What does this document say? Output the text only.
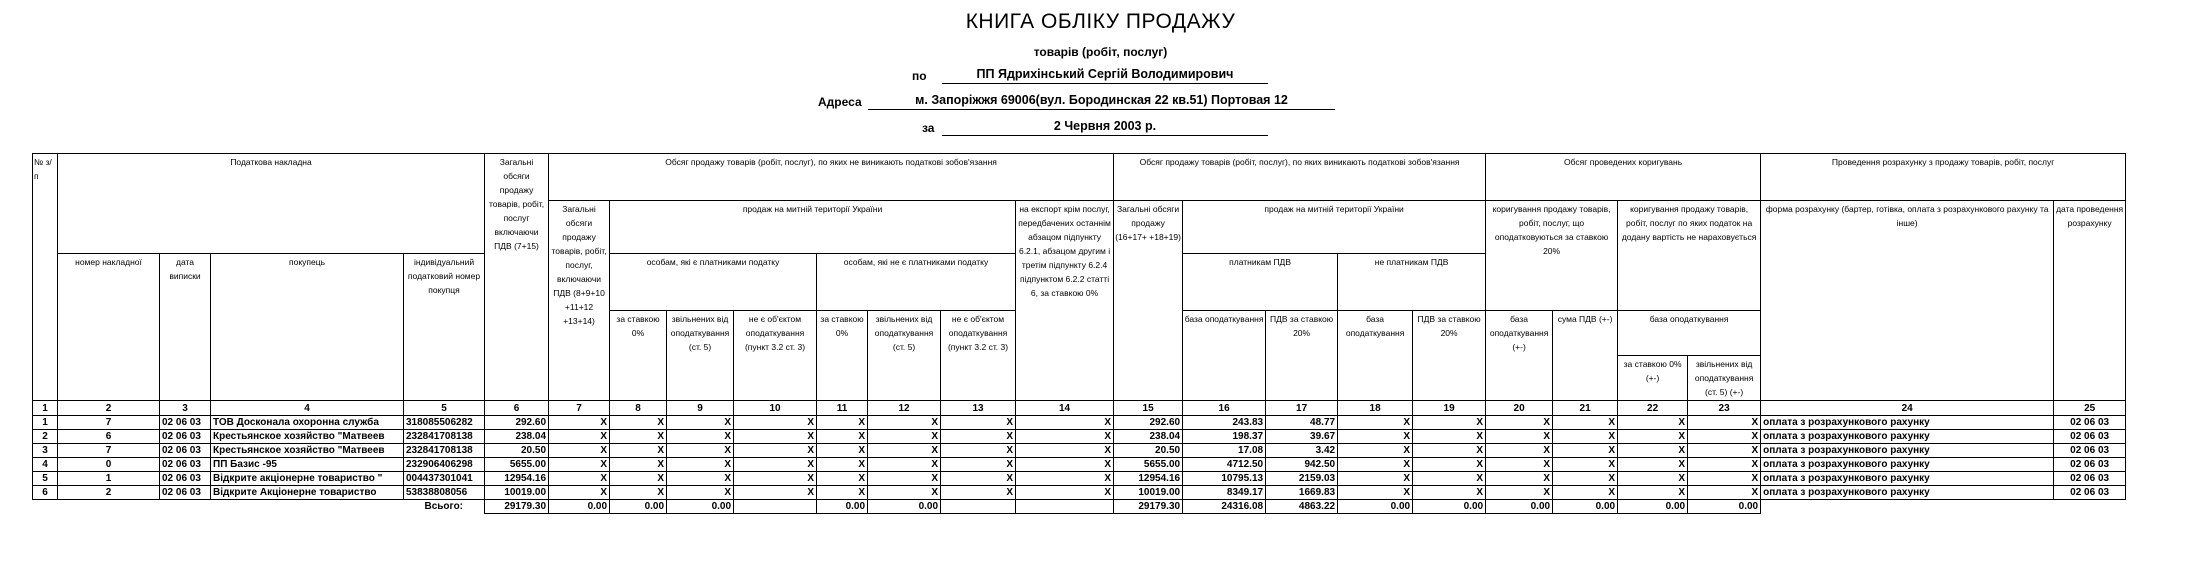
КНИГА ОБЛІКУ ПРОДАЖУ
товарів (робіт, послуг)
по	ПП Ядрихінський Сергій Володимирович
Адреса	м. Запоріжжя 69006(вул. Бородинская 22 кв.51) Портовая 12
за	2 Червня 2003 р.
№ з/п	Податкова накладна				Загальні обсяги продажу товарів, робіт, послуг включаючи ПДВ (7+15)	Обсяг продажу товарів (робіт, послуг), по яких не виникають податкові зобов'язання								Обсяг продажу товарів (робіт, послуг), по яких виникають податкові зобов'язання					Обсяг проведених коригувань				Проведення розрахунку з продажу товарів, робіт, послуг	
						Загальні обсяги продажу товарів, робіт, послуг, включаючи ПДВ (8+9+10 +11+12 +13+14)	продаж на митній території України						на експорт крім послуг, передбачених останнім абзацом підпункту 6.2.1, абзацом другим і третім підпункту 6.2.4 підпунктом 6.2.2 статті 6, за ставкою 0%	Загальні обсяги продажу (16+17+ +18+19)	продаж на митній території України				коригування продажу товарів, робіт, послуг, що оподатковуються за ставкою 20%		коригування продажу товарів, робіт, послуг по яких податок на додану вартість не нараховується		форма розрахунку (бартер, готівка, оплата з розрахункового рахунку та інше)	дата проведення розрахунку
	номер накладної	дата виписки	покупець	індивідуальний податковий номер покупця			особам, які є платниками податку			особам, які не є платниками податку					платникам ПДВ		не платникам ПДВ							
							за ставкою 0%	звільнених від оподаткування (ст. 5)	не є об'єктом оподаткування (пункт 3.2 ст. 3)	за ставкою 0%	звільнених від оподаткування (ст. 5)	не є об'єктом оподаткування (пункт 3.2 ст. 3)			база оподаткування	ПДВ за ставкою 20%	база оподаткування	ПДВ за ставкою 20%	база оподаткування (+-)	сума ПДВ (+-)	база оподаткування			
																					за ставкою 0% (+-)	звільнених від оподаткування (ст. 5) (+-)		
1	2	3	4	5	6	7	8	9	10	11	12	13	14	15	16	17	18	19	20	21	22	23	24	25
1	7	02 06 03	ТОВ Досконала охоронна служба	318085506282	292.60	X	X	X	X	X	X	X	X	292.60	243.83	48.77	X	X	X	X	X	X	оплата з розрахункового рахунку	02 06 03
2	6	02 06 03	Крестьянское хозяйство "Матвеев	232841708138	238.04	X	X	X	X	X	X	X	X	238.04	198.37	39.67	X	X	X	X	X	X	оплата з розрахункового рахунку	02 06 03
3	7	02 06 03	Крестьянское хозяйство "Матвеев	232841708138	20.50	X	X	X	X	X	X	X	X	20.50	17.08	3.42	X	X	X	X	X	X	оплата з розрахункового рахунку	02 06 03
4	0	02 06 03	ПП Базис -95	232906406298	5655.00	X	X	X	X	X	X	X	X	5655.00	4712.50	942.50	X	X	X	X	X	X	оплата з розрахункового рахунку	02 06 03
5	1	02 06 03	Відкрите акціонерне товариство "	004437301041	12954.16	X	X	X	X	X	X	X	X	12954.16	10795.13	2159.03	X	X	X	X	X	X	оплата з розрахункового рахунку	02 06 03
6	2	02 06 03	Відкрите Акціонерне товариство	53838808056	10019.00	X	X	X	X	X	X	X	X	10019.00	8349.17	1669.83	X	X	X	X	X	X	оплата з розрахункового рахунку	02 06 03
				Всього:	29179.30	0.00	0.00	0.00		0.00	0.00			29179.30	24316.08	4863.22	0.00	0.00	0.00	0.00	0.00	0.00		
